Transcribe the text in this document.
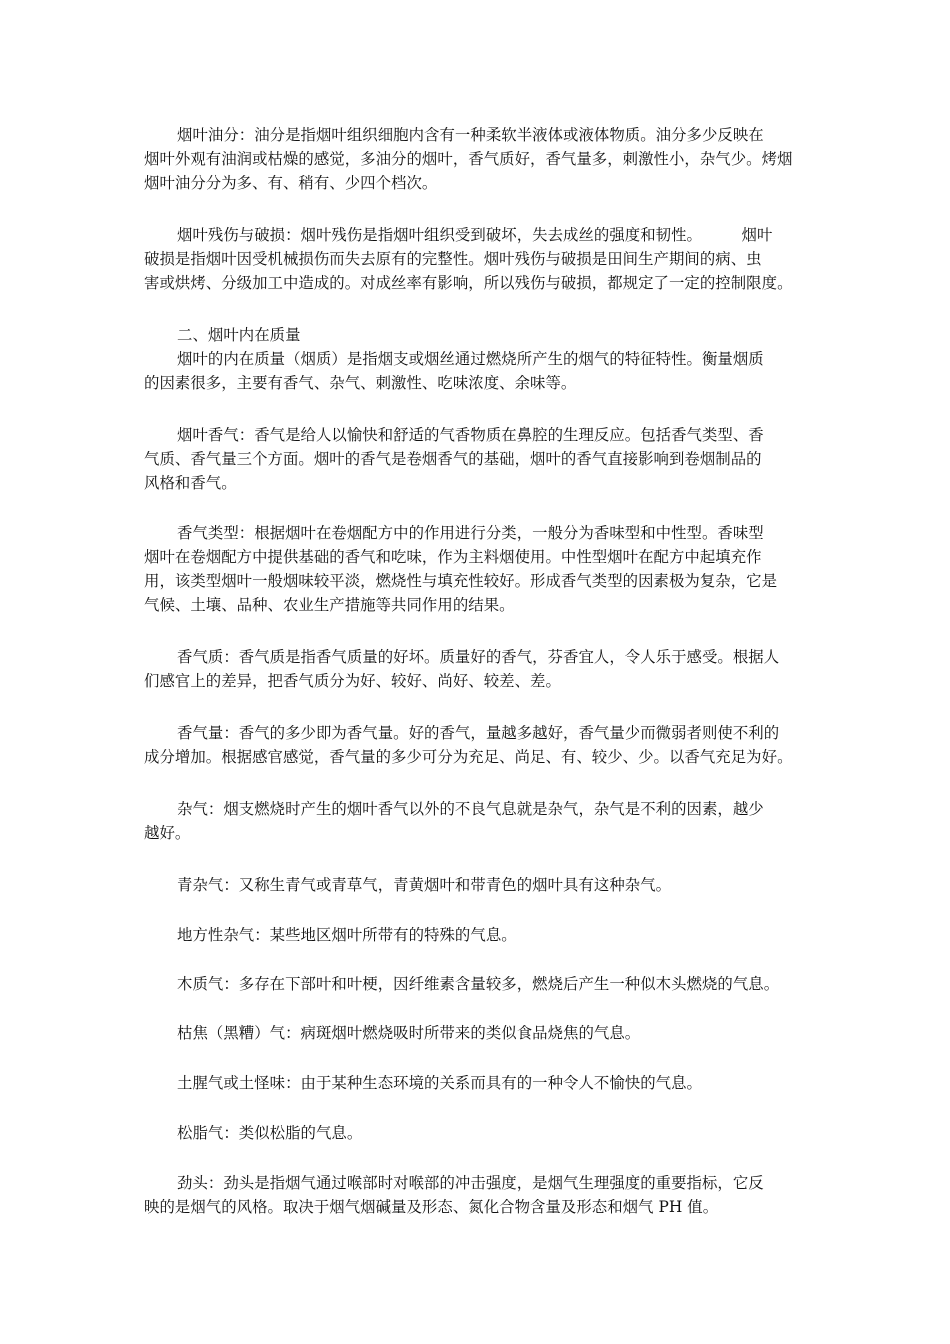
烟叶油分：油分是指烟叶组织细胞内含有一种柔软半液体或液体物质。油分多少反映在
烟叶外观有油润或枯燥的感觉，多油分的烟叶，香气质好，香气量多，刺激性小，杂气少。烤烟
烟叶油分分为多、有、稍有、少四个档次。
烟叶残伤与破损：烟叶残伤是指烟叶组织受到破坏，失去成丝的强度和韧性。        烟叶
破损是指烟叶因受机械损伤而失去原有的完整性。烟叶残伤与破损是田间生产期间的病、虫
害或烘烤、分级加工中造成的。对成丝率有影响，所以残伤与破损，都规定了一定的控制限度。
二、烟叶内在质量
烟叶的内在质量（烟质）是指烟支或烟丝通过燃烧所产生的烟气的特征特性。衡量烟质
的因素很多，主要有香气、杂气、刺激性、吃味浓度、余味等。
烟叶香气：香气是给人以愉快和舒适的气香物质在鼻腔的生理反应。包括香气类型、香
气质、香气量三个方面。烟叶的香气是卷烟香气的基础，烟叶的香气直接影响到卷烟制品的
风格和香气。
香气类型：根据烟叶在卷烟配方中的作用进行分类，一般分为香味型和中性型。香味型
烟叶在卷烟配方中提供基础的香气和吃味，作为主料烟使用。中性型烟叶在配方中起填充作
用，该类型烟叶一般烟味较平淡，燃烧性与填充性较好。形成香气类型的因素极为复杂，它是
气候、土壤、品种、农业生产措施等共同作用的结果。
香气质：香气质是指香气质量的好坏。质量好的香气，芬香宜人，令人乐于感受。根据人
们感官上的差异，把香气质分为好、较好、尚好、较差、差。
香气量：香气的多少即为香气量。好的香气，量越多越好，香气量少而微弱者则使不利的
成分增加。根据感官感觉，香气量的多少可分为充足、尚足、有、较少、少。以香气充足为好。
杂气：烟支燃烧时产生的烟叶香气以外的不良气息就是杂气，杂气是不利的因素，越少
越好。
青杂气：又称生青气或青草气，青黄烟叶和带青色的烟叶具有这种杂气。
地方性杂气：某些地区烟叶所带有的特殊的气息。
木质气：多存在下部叶和叶梗，因纤维素含量较多，燃烧后产生一种似木头燃烧的气息。
枯焦（黑糟）气：病斑烟叶燃烧吸时所带来的类似食品烧焦的气息。
土腥气或土怪味：由于某种生态环境的关系而具有的一种令人不愉快的气息。
松脂气：类似松脂的气息。
劲头：劲头是指烟气通过喉部时对喉部的冲击强度，是烟气生理强度的重要指标，它反
映的是烟气的风格。取决于烟气烟碱量及形态、氮化合物含量及形态和烟气 PH 值。
